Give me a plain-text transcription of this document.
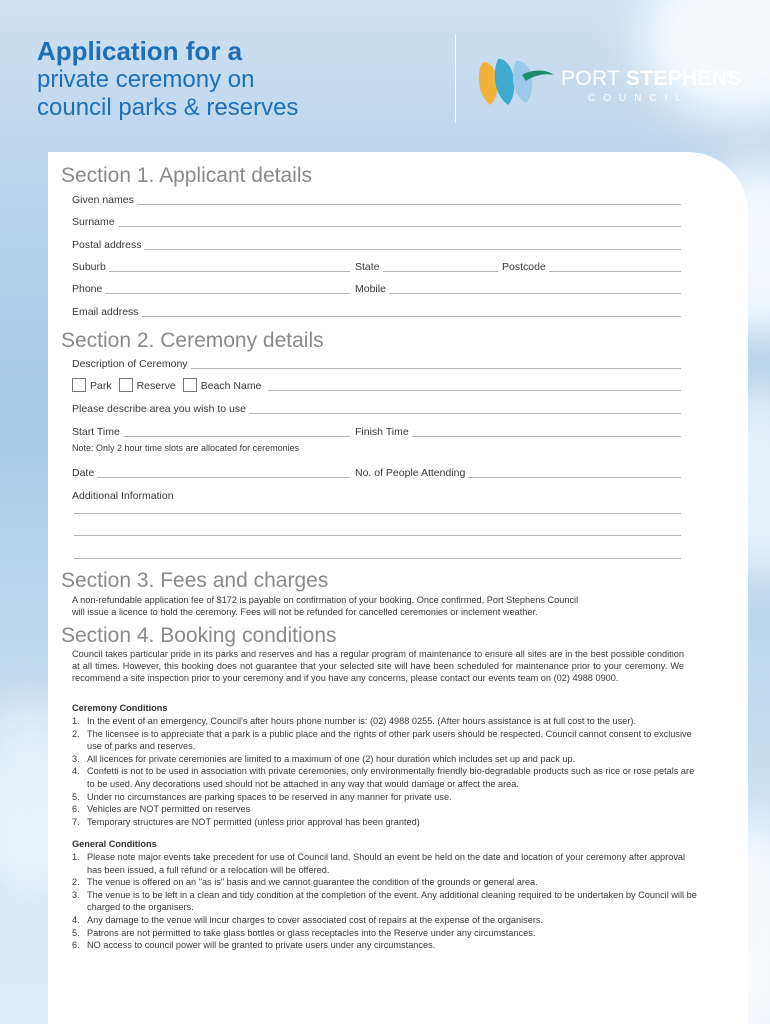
Application for a
private ceremony on
council parks & reserves
PORT STEPHENS
COUNCIL
Section 1. Applicant details
Given names
Surname
Postal address
Suburb	State	Postcode
Phone	Mobile
Email address
Section 2. Ceremony details
Description of Ceremony
Park Reserve Beach Name
Please describe area you wish to use
Start Time	Finish Time
Note: Only 2 hour time slots are allocated for ceremonies
Date	No. of People Attending
Additional Information
Section 3. Fees and charges
A non-refundable application fee of $172 is payable on confirmation of your booking. Once confirmed, Port Stephens Council
will issue a licence to hold the ceremony. Fees will not be refunded for cancelled ceremonies or inclement weather.
Section 4. Booking conditions
Council takes particular pride in its parks and reserves and has a regular program of maintenance to ensure all sites are in the best possible condition at all times. However, this booking does not guarantee that your selected site will have been scheduled for maintenance prior to your ceremony. We recommend a site inspection prior to your ceremony and if you have any concerns, please contact our events team on (02) 4988 0900.
Ceremony Conditions
1. In the event of an emergency, Council's after hours phone number is: (02) 4988 0255. (After hours assistance is at full cost to the user).
2. The licensee is to appreciate that a park is a public place and the rights of other park users should be respected. Council cannot consent to exclusive use of parks and reserves.
3. All licences for private ceremonies are limited to a maximum of one (2) hour duration which includes set up and pack up.
4. Confetti is not to be used in association with private ceremonies, only environmentally friendly bio-degradable products such as rice or rose petals are to be used. Any decorations used should not be attached in any way that would damage or affect the area.
5. Under no circumstances are parking spaces to be reserved in any manner for private use.
6. Vehicles are NOT permitted on reserves
7. Temporary structures are NOT permitted (unless prior approval has been granted)
General Conditions
1. Please note major events take precedent for use of Council land. Should an event be held on the date and location of your ceremony after approval has been issued, a full refund or a relocation will be offered.
2. The venue is offered on an "as is" basis and we cannot guarantee the condition of the grounds or general area.
3. The venue is to be left in a clean and tidy condition at the completion of the event. Any additional cleaning required to be undertaken by Council will be charged to the organisers.
4. Any damage to the venue will incur charges to cover associated cost of repairs at the expense of the organisers.
5. Patrons are not permitted to take glass bottles or glass receptacles into the Reserve under any circumstances.
6. NO access to council power will be granted to private users under any circumstances.
